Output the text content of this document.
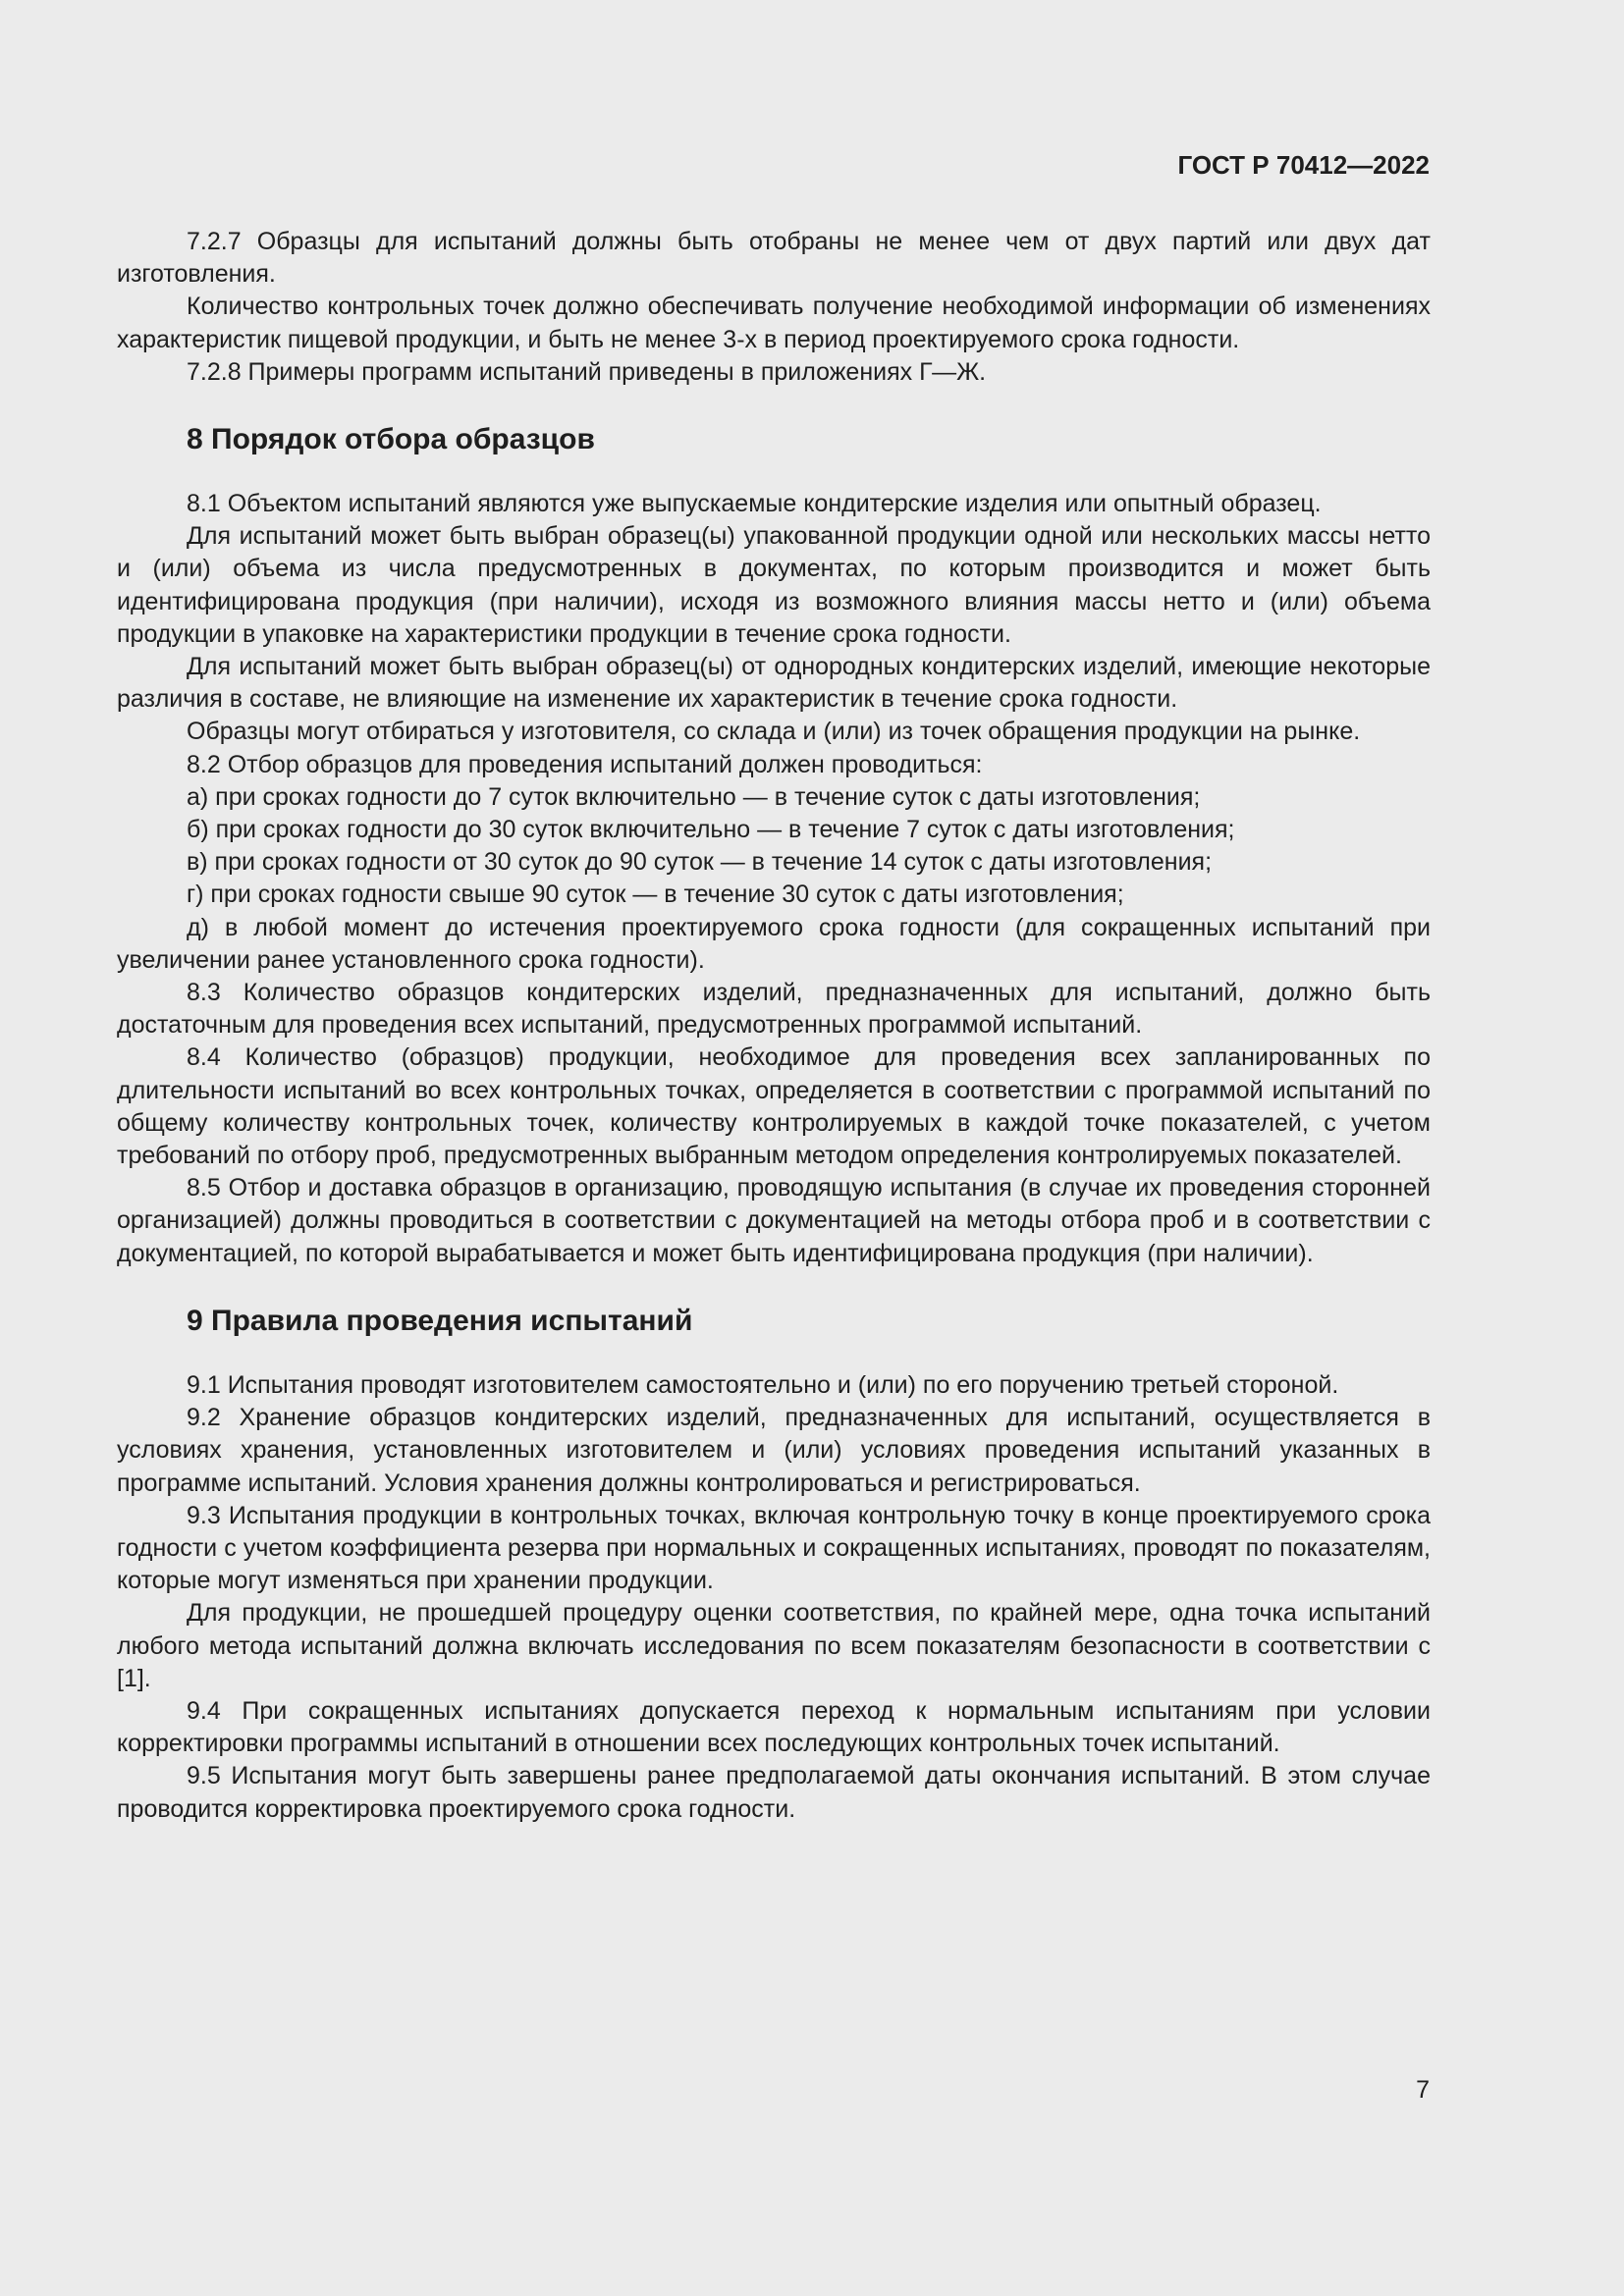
ГОСТ Р 70412—2022

7.2.7 Образцы для испытаний должны быть отобраны не менее чем от двух партий или двух дат изготовления.

Количество контрольных точек должно обеспечивать получение необходимой информации об изменениях характеристик пищевой продукции, и быть не менее 3-х в период проектируемого срока годности.

7.2.8 Примеры программ испытаний приведены в приложениях Г—Ж.

8 Порядок отбора образцов

8.1 Объектом испытаний являются уже выпускаемые кондитерские изделия или опытный образец.

Для испытаний может быть выбран образец(ы) упакованной продукции одной или нескольких массы нетто и (или) объема из числа предусмотренных в документах, по которым производится и может быть идентифицирована продукция (при наличии), исходя из возможного влияния массы нетто и (или) объема продукции в упаковке на характеристики продукции в течение срока годности.

Для испытаний может быть выбран образец(ы) от однородных кондитерских изделий, имеющие некоторые различия в составе, не влияющие на изменение их характеристик в течение срока годности.

Образцы могут отбираться у изготовителя, со склада и (или) из точек обращения продукции на рынке.

8.2 Отбор образцов для проведения испытаний должен проводиться:

а) при сроках годности до 7 суток включительно — в течение суток с даты изготовления;

б) при сроках годности до 30 суток включительно — в течение 7 суток с даты изготовления;

в) при сроках годности от 30 суток до 90 суток — в течение 14 суток с даты изготовления;

г) при сроках годности свыше 90 суток — в течение 30 суток с даты изготовления;

д) в любой момент до истечения проектируемого срока годности (для сокращенных испытаний при увеличении ранее установленного срока годности).

8.3 Количество образцов кондитерских изделий, предназначенных для испытаний, должно быть достаточным для проведения всех испытаний, предусмотренных программой испытаний.

8.4 Количество (образцов) продукции, необходимое для проведения всех запланированных по длительности испытаний во всех контрольных точках, определяется в соответствии с программой испытаний по общему количеству контрольных точек, количеству контролируемых в каждой точке показателей, с учетом требований по отбору проб, предусмотренных выбранным методом определения контролируемых показателей.

8.5 Отбор и доставка образцов в организацию, проводящую испытания (в случае их проведения сторонней организацией) должны проводиться в соответствии с документацией на методы отбора проб и в соответствии с документацией, по которой вырабатывается и может быть идентифицирована продукция (при наличии).

9 Правила проведения испытаний

9.1 Испытания проводят изготовителем самостоятельно и (или) по его поручению третьей стороной.

9.2 Хранение образцов кондитерских изделий, предназначенных для испытаний, осуществляется в условиях хранения, установленных изготовителем и (или) условиях проведения испытаний указанных в программе испытаний. Условия хранения должны контролироваться и регистрироваться.

9.3 Испытания продукции в контрольных точках, включая контрольную точку в конце проектируемого срока годности с учетом коэффициента резерва при нормальных и сокращенных испытаниях, проводят по показателям, которые могут изменяться при хранении продукции.

Для продукции, не прошедшей процедуру оценки соответствия, по крайней мере, одна точка испытаний любого метода испытаний должна включать исследования по всем показателям безопасности в соответствии с [1].

9.4 При сокращенных испытаниях допускается переход к нормальным испытаниям при условии корректировки программы испытаний в отношении всех последующих контрольных точек испытаний.

9.5 Испытания могут быть завершены ранее предполагаемой даты окончания испытаний. В этом случае проводится корректировка проектируемого срока годности.

7
